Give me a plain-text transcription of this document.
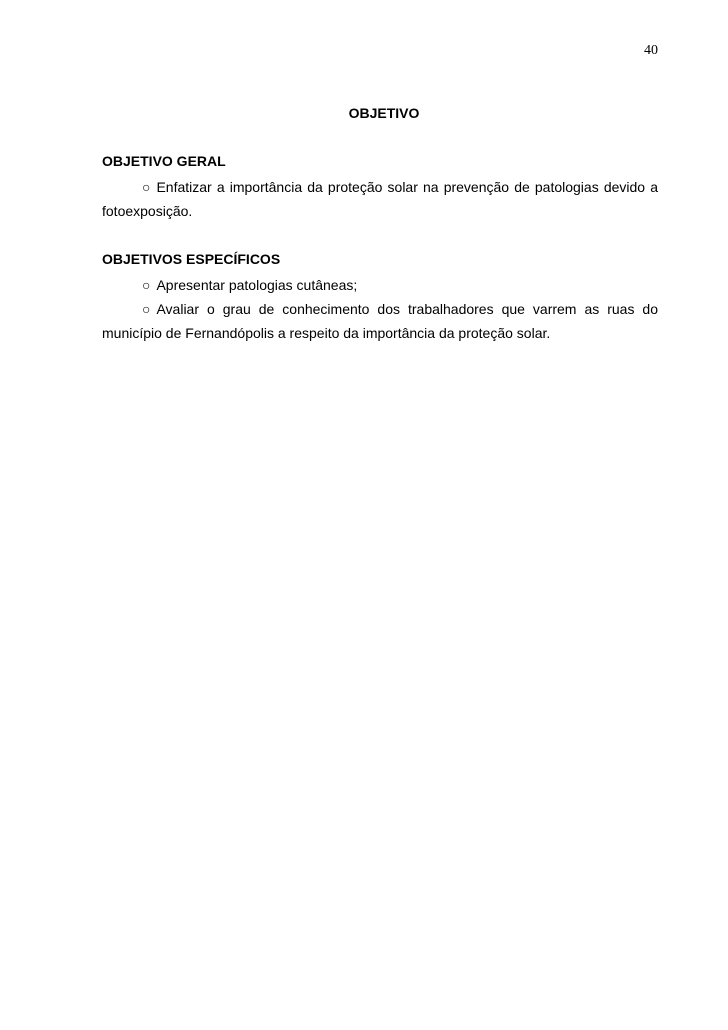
40
OBJETIVO
OBJETIVO GERAL

○ Enfatizar a importância da proteção solar na prevenção de patologias devido a fotoexposição.

OBJETIVOS ESPECÍFICOS

○ Apresentar patologias cutâneas;

○ Avaliar o grau de conhecimento dos trabalhadores que varrem as ruas do município de Fernandópolis a respeito da importância da proteção solar.
